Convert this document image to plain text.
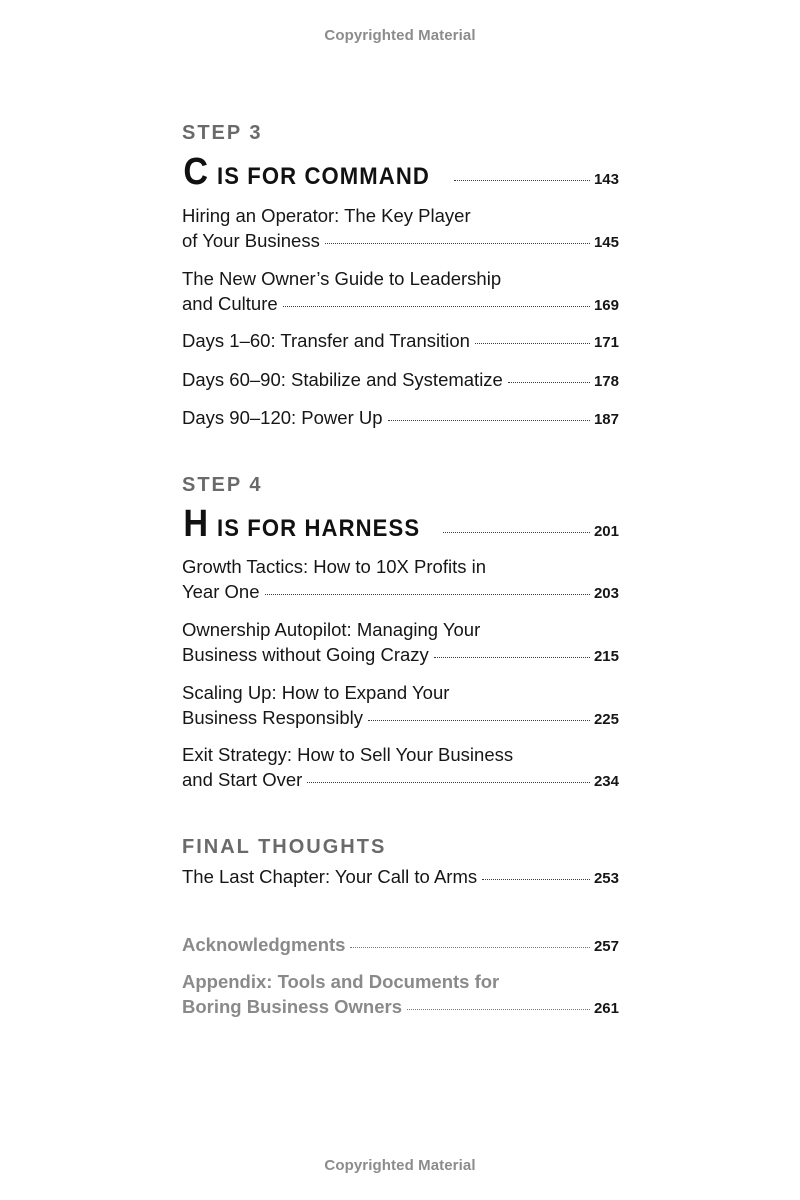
Copyrighted Material
STEP 3
C IS FOR COMMAND	143
Hiring an Operator: The Key Player
of Your Business	145
The New Owner’s Guide to Leadership
and Culture	169
Days 1–60: Transfer and Transition	171
Days 60–90: Stabilize and Systematize	178
Days 90–120: Power Up	187
STEP 4
H IS FOR HARNESS	201
Growth Tactics: How to 10X Profits in
Year One	203
Ownership Autopilot: Managing Your
Business without Going Crazy	215
Scaling Up: How to Expand Your
Business Responsibly	225
Exit Strategy: How to Sell Your Business
and Start Over	234
FINAL THOUGHTS
The Last Chapter: Your Call to Arms	253
Acknowledgments	257
Appendix: Tools and Documents for
Boring Business Owners	261
Copyrighted Material
